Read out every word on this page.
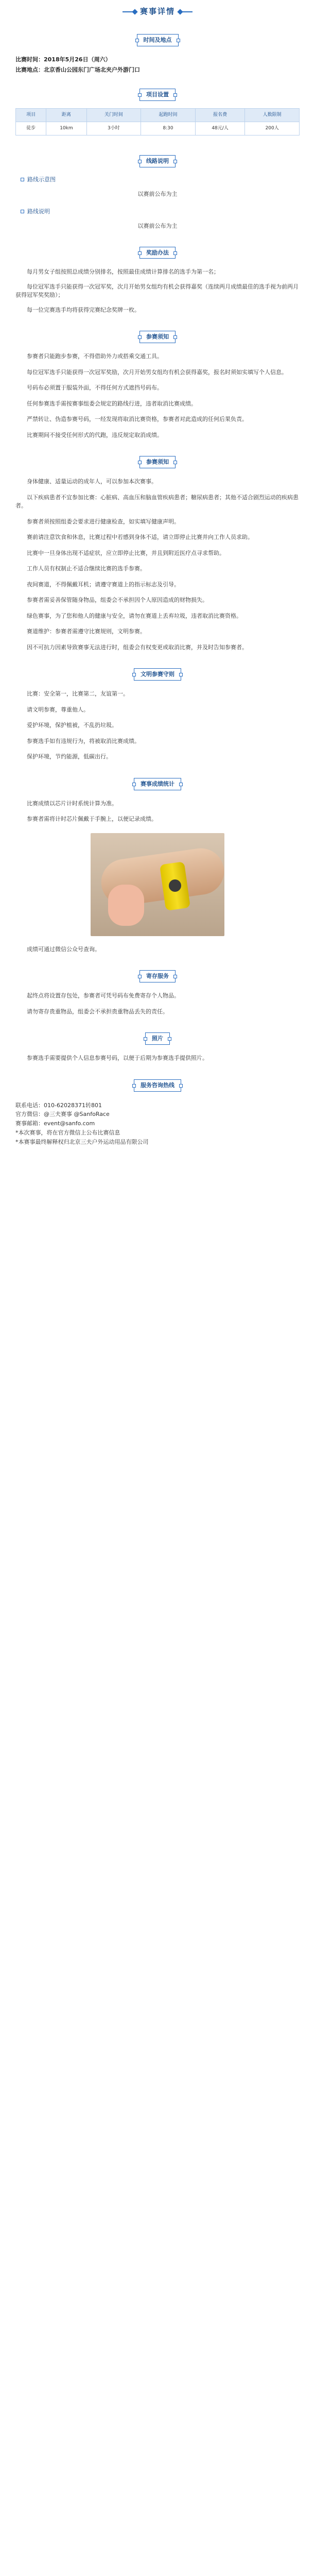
赛事详情
时间及地点
比赛时间：2018年5月26日（周六）
比赛地点：北京香山公园东门广场北夹户外游门口
项目设置
项目	距离	关门时间	起跑时间	报名费	人数限制
徒步	10km	3小时	8:30	48元/人	200人
线路说明
路线示意图
以赛前公布为主
路线说明
以赛前公布为主
奖励办法

每月男女子组按照总成绩分别排名，按照最佳成绩计算排名的选手为第一名；

每位冠军选手只能获得一次冠军奖，次月开始男女组均有机会获得嘉奖（连续两月成绩最佳的选手视为前两月获得冠军奖奖励）；

每一位完赛选手均将获得完赛纪念奖牌一枚。

参赛须知

参赛者只能跑步参赛，不得借助外力或搭乘交通工具。

每位冠军选手只能获得一次冠军奖励，次月开始男女组均有机会获得嘉奖，报名时须如实填写个人信息。

号码布必须置于服装外面，不得任何方式遮挡号码布。

任何参赛选手需按赛事组委会规定的路线行进，违者取消比赛成绩。

严禁转让、伪造参赛号码，一经发现将取消比赛资格，参赛者对此造成的任何后果负责。

比赛期间不接受任何形式的代跑，违反规定取消成绩。

参赛须知

身体健康、适量运动的成年人，可以参加本次赛事。

以下疾病患者不宜参加比赛：心脏病、高血压和脑血管疾病患者；糖尿病患者；其他不适合剧烈运动的疾病患者。

参赛者须按照组委会要求进行健康检查，如实填写健康声明。

赛前请注意饮食和休息，比赛过程中若感到身体不适，请立即停止比赛并向工作人员求助。

比赛中一旦身体出现不适症状，应立即停止比赛，并且到附近医疗点寻求帮助。

工作人员有权制止不适合继续比赛的选手参赛。

夜间赛道，不得佩戴耳机；请遵守赛道上的指示标志及引导。

参赛者需妥善保管随身物品，组委会不承担因个人原因造成的财物损失。

绿色赛事，为了您和他人的健康与安全，请勿在赛道上丢弃垃圾，违者取消比赛资格。

赛道维护：参赛者需遵守比赛规则，文明参赛。

因不可抗力因素导致赛事无法进行时，组委会有权变更或取消比赛，并及时告知参赛者。

文明参赛守则

比赛：安全第一，比赛第二，友谊第一。

请文明参赛，尊重他人。

爱护环境，保护植被，不乱扔垃圾。

参赛选手如有违规行为，将被取消比赛成绩。

保护环境，节约能源，低碳出行。

赛事成绩统计

比赛成绩以芯片计时系统计算为准。

参赛者需将计时芯片佩戴于手腕上，以便记录成绩。

成绩可通过微信公众号查询。

寄存服务

起终点将设置存包处，参赛者可凭号码布免费寄存个人物品。

请勿寄存贵重物品，组委会不承担贵重物品丢失的责任。

照片

参赛选手需要提供个人信息参赛号码，以便于后期为参赛选手提供照片。

服务咨询热线
联系电话：010-62028371转801
官方微信：@三夫赛事 @SanfoRace
赛事邮箱：event@sanfo.com
*本次赛事，将在官方微信上公布比赛信息
*本赛事最终解释权归北京三夫户外运动用品有限公司
